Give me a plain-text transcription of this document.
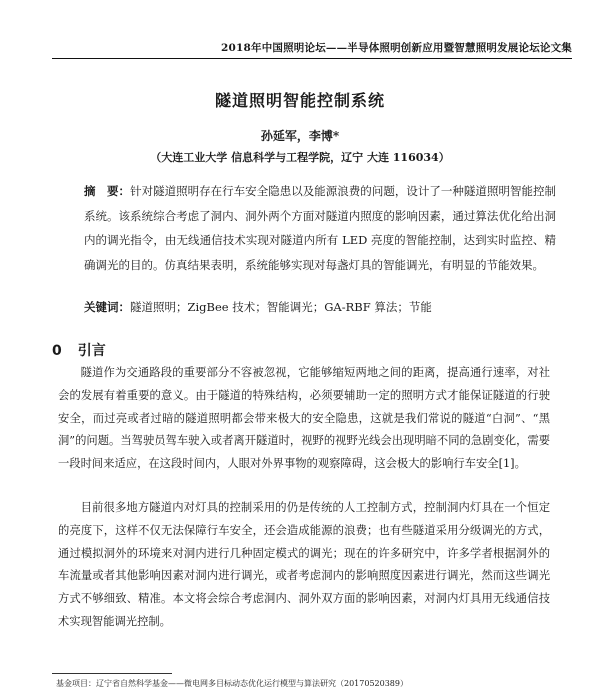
2018年中国照明论坛——半导体照明创新应用暨智慧照明发展论坛论文集
隧道照明智能控制系统
孙延军，李博*
（大连工业大学 信息科学与工程学院，辽宁 大连 116034）

摘　要：针对隧道照明存在行车安全隐患以及能源浪费的问题，设计了一种隧道照明智能控制系统。该系统综合考虑了洞内、洞外两个方面对隧道内照度的影响因素，通过算法优化给出洞内的调光指令，由无线通信技术实现对隧道内所有 LED 亮度的智能控制，达到实时监控、精确调光的目的。仿真结果表明，系统能够实现对每盏灯具的智能调光，有明显的节能效果。

关键词：隧道照明；ZigBee 技术；智能调光；GA-RBF 算法；节能

0 引言

隧道作为交通路段的重要部分不容被忽视，它能够缩短两地之间的距离，提高通行速率，对社会的发展有着重要的意义。由于隧道的特殊结构，必须要辅助一定的照明方式才能保证隧道的行驶安全，而过亮或者过暗的隧道照明都会带来极大的安全隐患，这就是我们常说的隧道“白洞”、“黑洞”的问题。当驾驶员驾车驶入或者离开隧道时，视野的视野光线会出现明暗不同的急剧变化，需要一段时间来适应，在这段时间内，人眼对外界事物的观察障碍，这会极大的影响行车安全[1]。

目前很多地方隧道内对灯具的控制采用的仍是传统的人工控制方式，控制洞内灯具在一个恒定的亮度下，这样不仅无法保障行车安全，还会造成能源的浪费；也有些隧道采用分级调光的方式，通过模拟洞外的环境来对洞内进行几种固定模式的调光；现在的许多研究中，许多学者根据洞外的车流量或者其他影响因素对洞内进行调光，或者考虑洞内的影响照度因素进行调光，然而这些调光方式不够细致、精准。本文将会综合考虑洞内、洞外双方面的影响因素，对洞内灯具用无线通信技术实现智能调光控制。

基金项目：辽宁省自然科学基金——微电网多目标动态优化运行模型与算法研究（20170520389）
